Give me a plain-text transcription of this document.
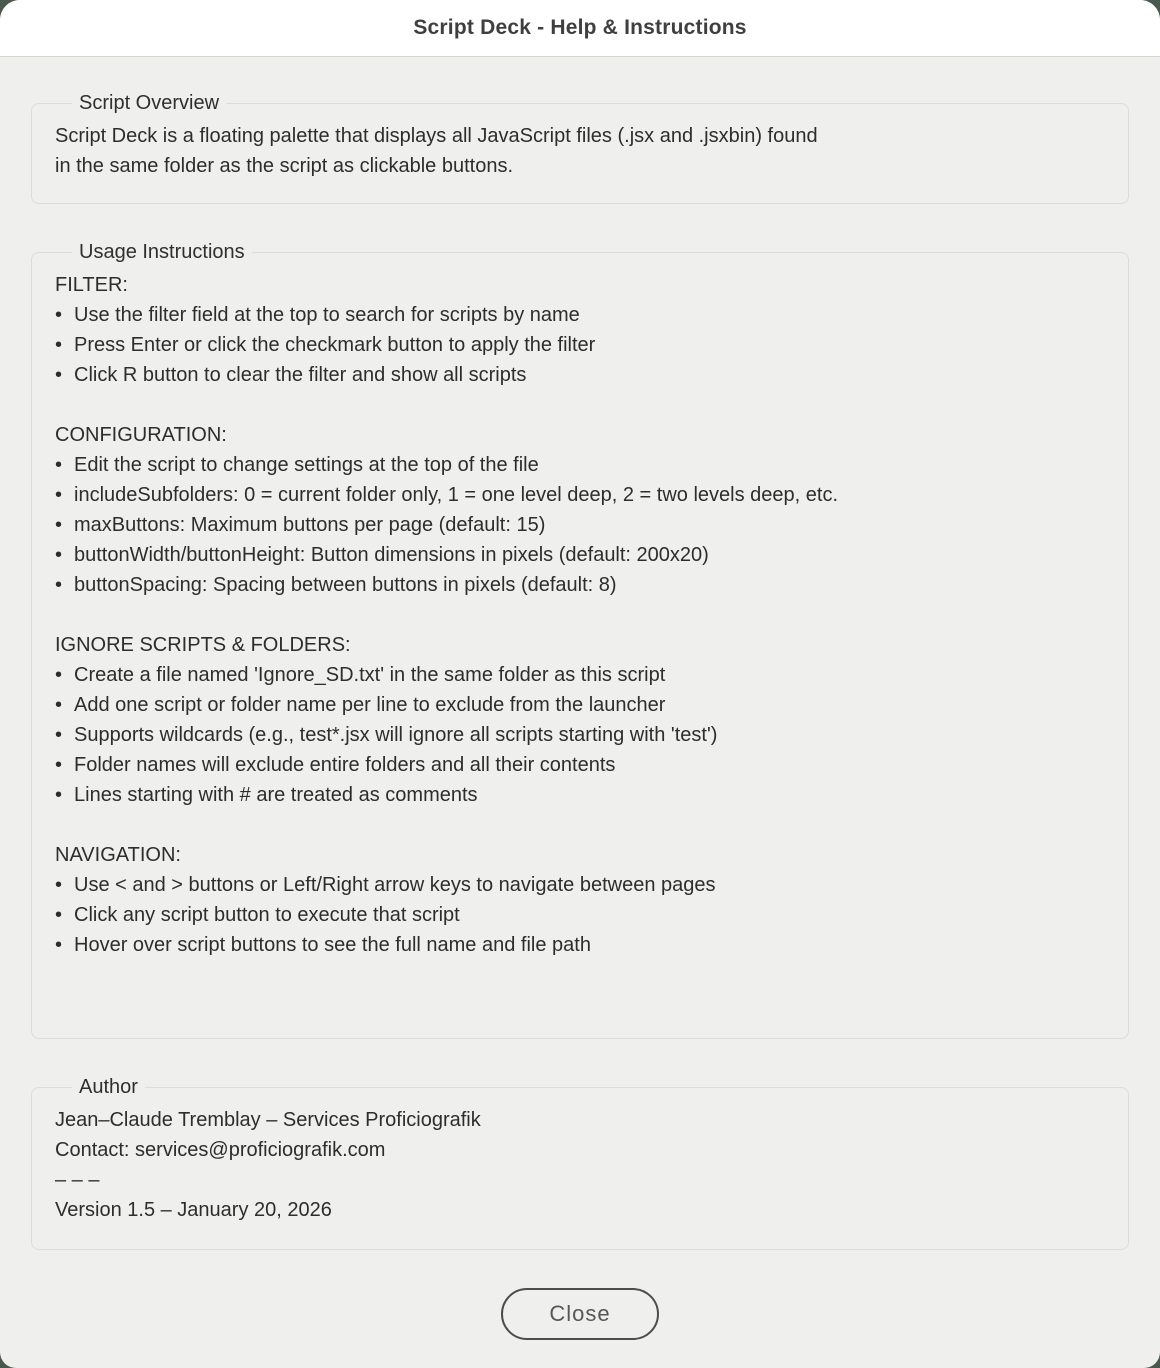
Script Deck - Help & Instructions
Script Overview
Script Deck is a floating palette that displays all JavaScript files (.jsx and .jsxbin) found
in the same folder as the script as clickable buttons.
Usage Instructions
FILTER:
• Use the filter field at the top to search for scripts by name
• Press Enter or click the checkmark button to apply the filter
• Click R button to clear the filter and show all scripts
CONFIGURATION:
• Edit the script to change settings at the top of the file
• includeSubfolders: 0 = current folder only, 1 = one level deep, 2 = two levels deep, etc.
• maxButtons: Maximum buttons per page (default: 15)
• buttonWidth/buttonHeight: Button dimensions in pixels (default: 200x20)
• buttonSpacing: Spacing between buttons in pixels (default: 8)
IGNORE SCRIPTS & FOLDERS:
• Create a file named 'Ignore_SD.txt' in the same folder as this script
• Add one script or folder name per line to exclude from the launcher
• Supports wildcards (e.g., test*.jsx will ignore all scripts starting with 'test')
• Folder names will exclude entire folders and all their contents
• Lines starting with # are treated as comments
NAVIGATION:
• Use < and > buttons or Left/Right arrow keys to navigate between pages
• Click any script button to execute that script
• Hover over script buttons to see the full name and file path
Author
Jean–Claude Tremblay – Services Proficiografik
Contact: services@proficiografik.com
– – –
Version 1.5 – January 20, 2026
Close
